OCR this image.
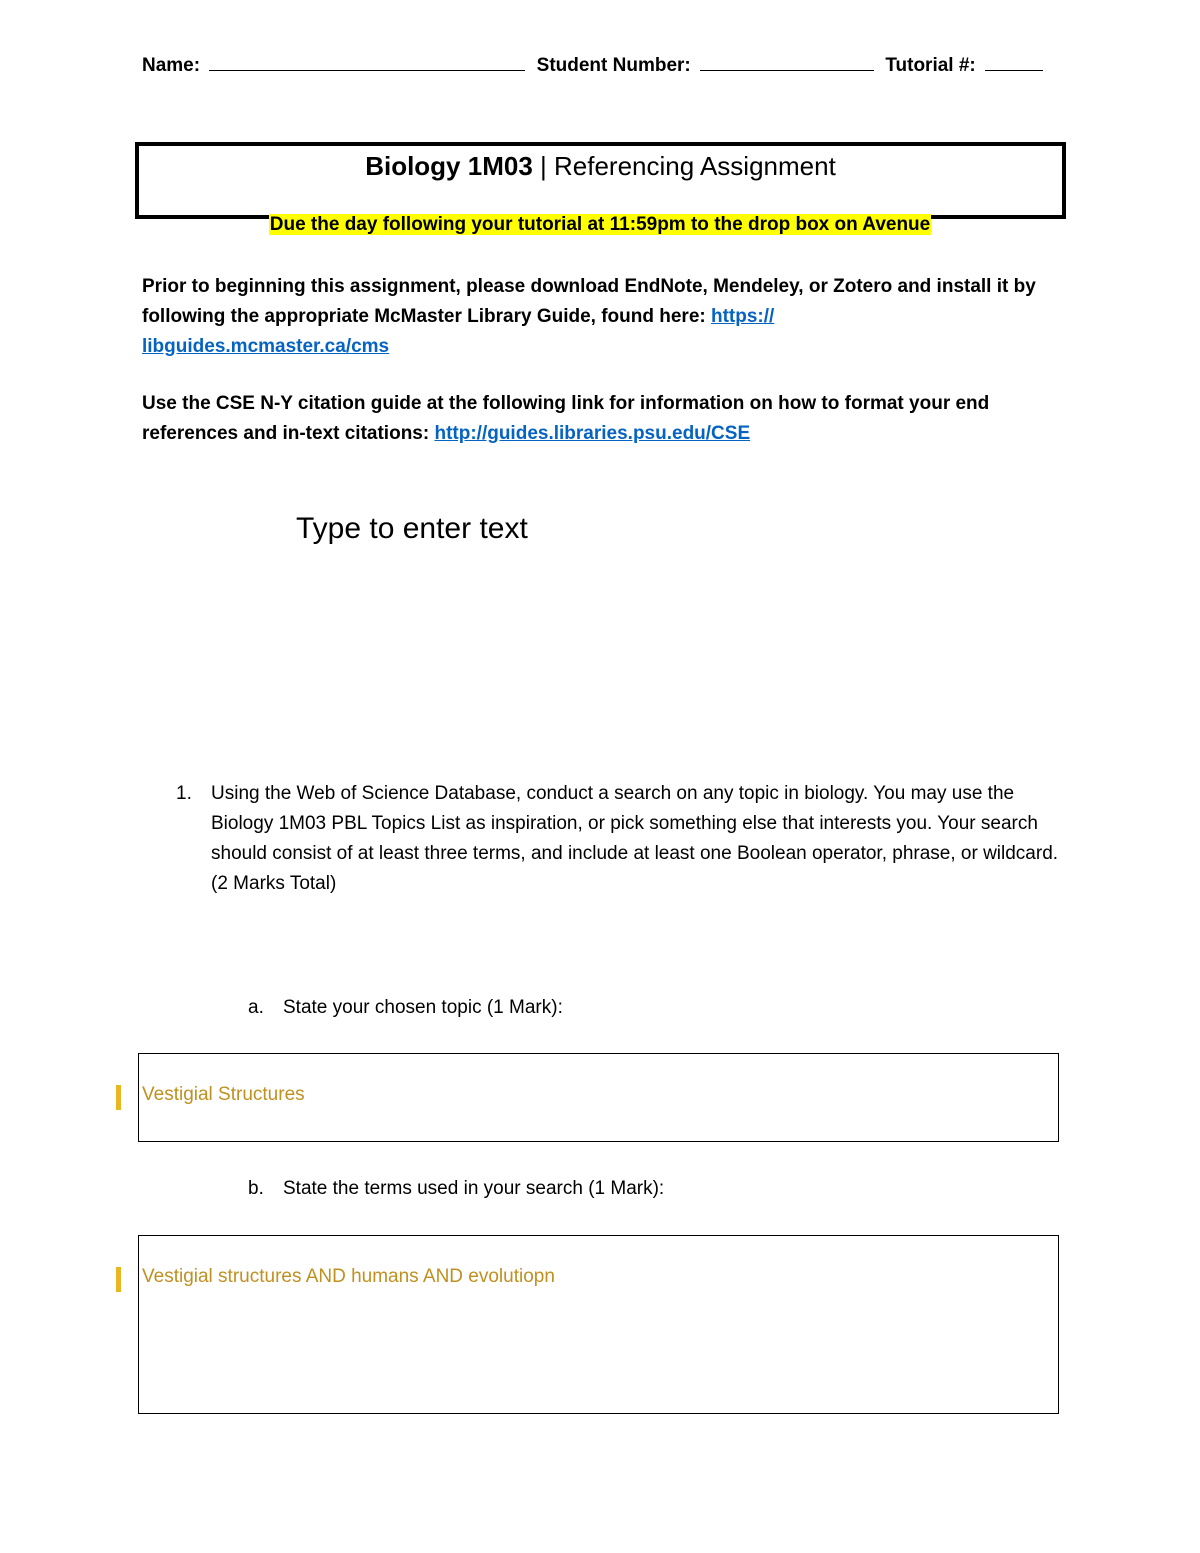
Name:	Student Number:	Tutorial #:
Biology 1M03 | Referencing Assignment
Due the day following your tutorial at 11:59pm to the drop box on Avenue
Prior to beginning this assignment, please download EndNote, Mendeley, or Zotero and install it by following the appropriate McMaster Library Guide, found here: https://
libguides.mcmaster.ca/cms
Use the CSE N-Y citation guide at the following link for information on how to format your end references and in-text citations: http://guides.libraries.psu.edu/CSE
Type to enter text
1. Using the Web of Science Database, conduct a search on any topic in biology. You may use the Biology 1M03 PBL Topics List as inspiration, or pick something else that interests you. Your search should consist of at least three terms, and include at least one Boolean operator, phrase, or wildcard. (2 Marks Total)
a. State your chosen topic (1 Mark):
Vestigial Structures
b. State the terms used in your search (1 Mark):
Vestigial structures AND humans AND evolutiopn
